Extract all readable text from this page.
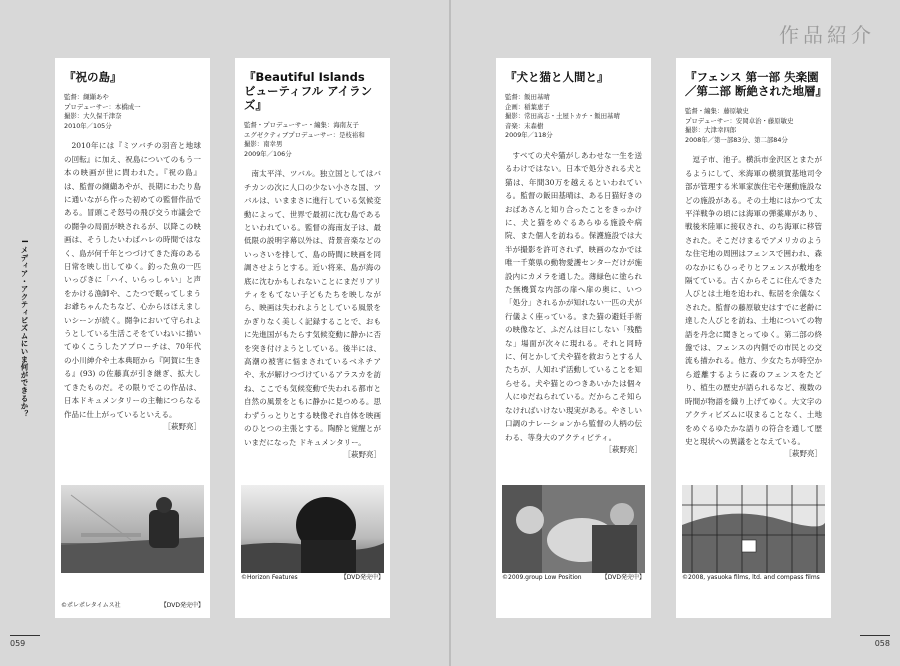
I メディア・アクティビズムにいま何ができるか？
『祝の島』
監督：纐纈あや
プロデューサー：本橋成一
撮影：大久保千津奈
2010年／105分
2010年には『ミツバチの羽音と地球の回転』に加え、祝島についてのもう一本の映画が世に問われた。『祝の島』は、監督の纐纈あやが、長期にわたり島に通いながら作った初めての監督作品である。冒頭こそ怒号の飛び交う市議会での闘争の局面が映されるが、以降この映画は、そうしたいわばハレの時間ではなく、島が何千年とつづけてきた海のある日常を映し出してゆく。釣った魚の一匹いっぴきに「ハイ、いらっしゃい」と声をかける漁師や、こたつで眠ってしまうお爺ちゃんたちなど、心からほほえましいシーンが続く。闘争において守られようとしている生活こそをていねいに描いてゆくこうしたアプローチは、70年代の小川紳介や土本典昭から『阿賀に生きる』(93) の佐藤真が引き継ぎ、拡大してきたものだ。その限りでこの作品は、日本ドキュメンタリーの主軸につらなる作品に仕上がっているといえる。
［萩野亮］
©ポレポレタイムス社	【DVD発売中】
『Beautiful Islands
ビューティフル アイランズ』
監督・プロデューサー・編集：海南友子
エグゼクティブプロデューサー：是枝裕和
撮影：南幸男
2009年／106分
南太平洋、ツバル。独立国としてはバチカンの次に人口の少ない小さな国、ツバルは、いままさに進行している気候変動によって、世界で最初に沈む島であるといわれている。監督の海南友子は、最低限の説明字幕以外は、背景音楽などのいっさいを排して、島の時間に映画を同調させようとする。近い将来、島が海の底に沈むかもしれないことにまだリアリティをもてない子どもたちを映しながら、映画は失われようとしている風景をかぎりなく美しく記録することで、おもに先進国がもたらす気候変動に静かに否を突き付けようとしている。後半には、高潮の被害に悩まされているベネチアや、氷が解けつづけているアラスカを訪ね、ここでも気候変動で失われる都市と自然の風景をともに静かに見つめる。思わずうっとりとする映像それ自体を映画のひとつの主張とする。陶酔と覚醒とがいまだになった ドキュメンタリー。
［萩野亮］
©Horizon Features	【DVD発売中】
『犬と猫と人間と』
監督：飯田基晴
企画：稲葉恵子
撮影：常田高志・土屋トカチ・飯田基晴
音楽：末森樹
2009年／118分
すべての犬や猫がしあわせな一生を送るわけではない。日本で処分される犬と猫は、年間30万を越えるといわれている。監督の飯田基晴は、ある日猫好きのおばあさんと知り合ったことをきっかけに、犬と猫をめぐるあらゆる施設や病院、また個人を訪ねる。保護施設では大半が撮影を許可されず、映画のなかでは唯一千葉県の動物愛護センターだけが施設内にカメラを通した。薄緑色に塗られた無機質な内部の扉へ扉の奥に、いつ「処分」されるかが知れない一匹の犬が行儀よく座っている。また猫の避妊手術の映像など、ふだんは目にしない「残酷な」場面が次々に現れる。それと同時に、何とかして犬や猫を救おうとする人たちが、人知れず活動していることを知らせる。犬や猫とのつきあいかたは個々人にゆだねられている。だからこそ知らなければいけない現実がある。やさしい口調のナレーションから監督の人柄の伝わる、等身大のアクティビティ。
［萩野亮］
©2009.group Low Position	【DVD発売中】
『フェンス 第一部 失楽園
／第二部 断絶された地層』
監督・編集：藤原敏史
プロデューサー：安岡卓治・藤原敏史
撮影：大津幸四郎
2008年／第一部83分、第二部84分
逗子市、池子。横浜市金沢区とまたがるようにして、米海軍の横須賀基地司令部が管理する米軍家族住宅や運動施設などの施設がある。その土地にはかつて太平洋戦争の頃には海軍の弾薬庫があり、戦後米陸軍に接収され、のち海軍に移管された。そこだけまるでアメリカのような住宅地の周囲はフェンスで囲われ、森のなかにもひっそりとフェンスが敷地を隔てている。古くからそこに住んできた人びとは土地を追われ、転居を余儀なくされた。監督の藤原敏史はすでに老齢に達した人びとを訪ね、土地についての物語を丹念に聞きとってゆく。第二部の終盤では、フェンスの内側での市民との交流も描かれる。他方、少女たちが時空から遊離するように森のフェンスをたどり、植生の歴史が語られるなど、複数の時間が物語を織り上げてゆく。大文字のアクティビズムに収まることなく、土地をめぐるゆたかな語りの符合を通して歴史と現状への異議をとなえている。
［萩野亮］
©2008, yasuoka films, ltd. and compass films
作品紹介
059	058
